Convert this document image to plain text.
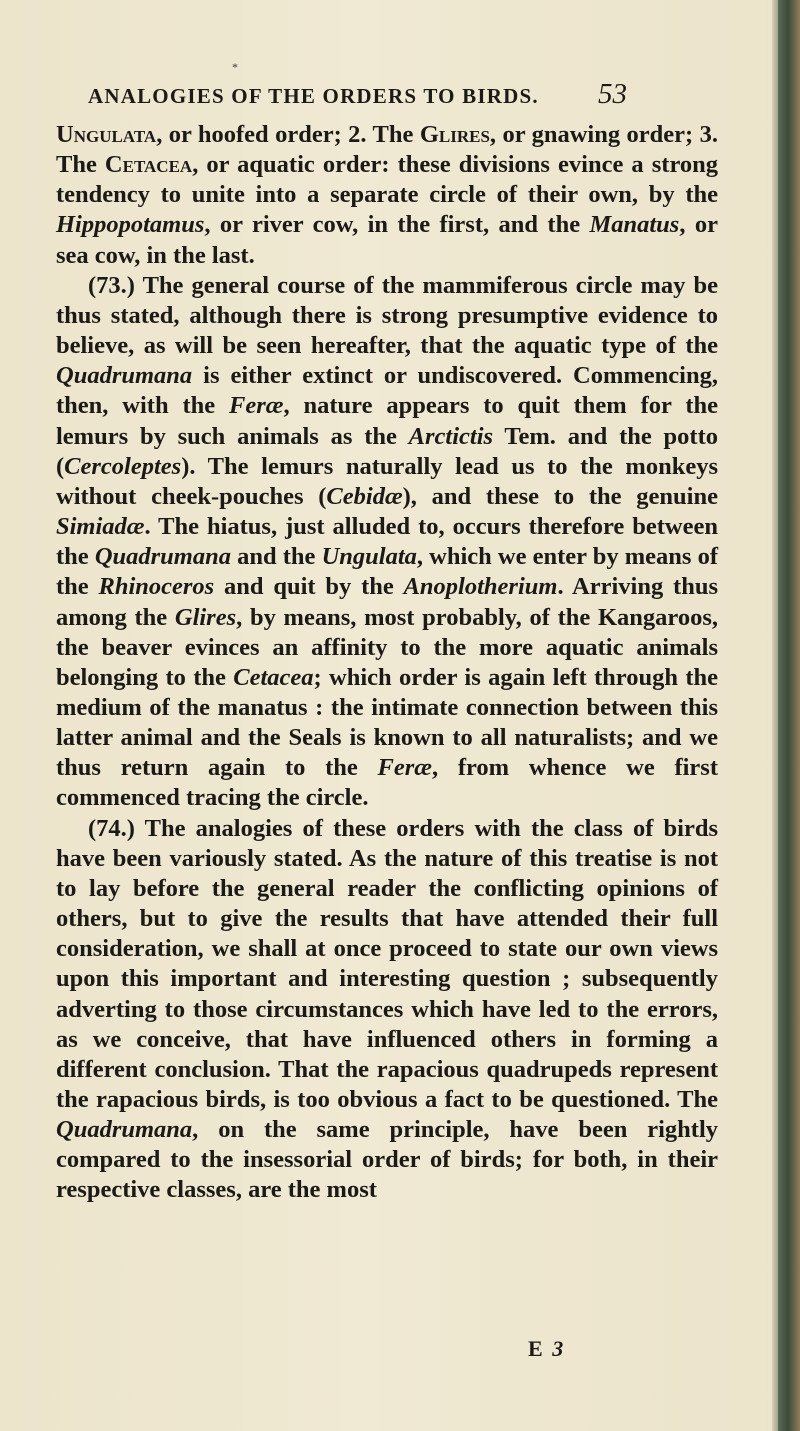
*
ANALOGIES OF THE ORDERS TO BIRDS. 53

Ungulata, or hoofed order; 2. The Glires, or gnawing order; 3. The Cetacea, or aquatic order: these divisions evince a strong tendency to unite into a separate circle of their own, by the Hippopotamus, or river cow, in the first, and the Manatus, or sea cow, in the last.

(73.) The general course of the mammiferous circle may be thus stated, although there is strong presumptive evidence to believe, as will be seen hereafter, that the aquatic type of the Quadrumana is either extinct or undiscovered. Commencing, then, with the Feræ, nature appears to quit them for the lemurs by such animals as the Arctictis Tem. and the potto (Cercoleptes). The lemurs naturally lead us to the monkeys without cheek-pouches (Cebidæ), and these to the genuine Simiadæ. The hiatus, just alluded to, occurs therefore between the Quadrumana and the Ungulata, which we enter by means of the Rhinoceros and quit by the Anoplotherium. Arriving thus among the Glires, by means, most probably, of the Kangaroos, the beaver evinces an affinity to the more aquatic animals belonging to the Cetacea; which order is again left through the medium of the manatus : the intimate connection between this latter animal and the Seals is known to all naturalists; and we thus return again to the Feræ, from whence we first commenced tracing the circle.

(74.) The analogies of these orders with the class of birds have been variously stated. As the nature of this treatise is not to lay before the general reader the conflicting opinions of others, but to give the results that have attended their full consideration, we shall at once proceed to state our own views upon this important and interesting question ; subsequently adverting to those circumstances which have led to the errors, as we conceive, that have influenced others in forming a different conclusion. That the rapacious quadrupeds represent the rapacious birds, is too obvious a fact to be questioned. The Quadrumana, on the same principle, have been rightly compared to the insessorial order of birds; for both, in their respective classes, are the most

E 3
